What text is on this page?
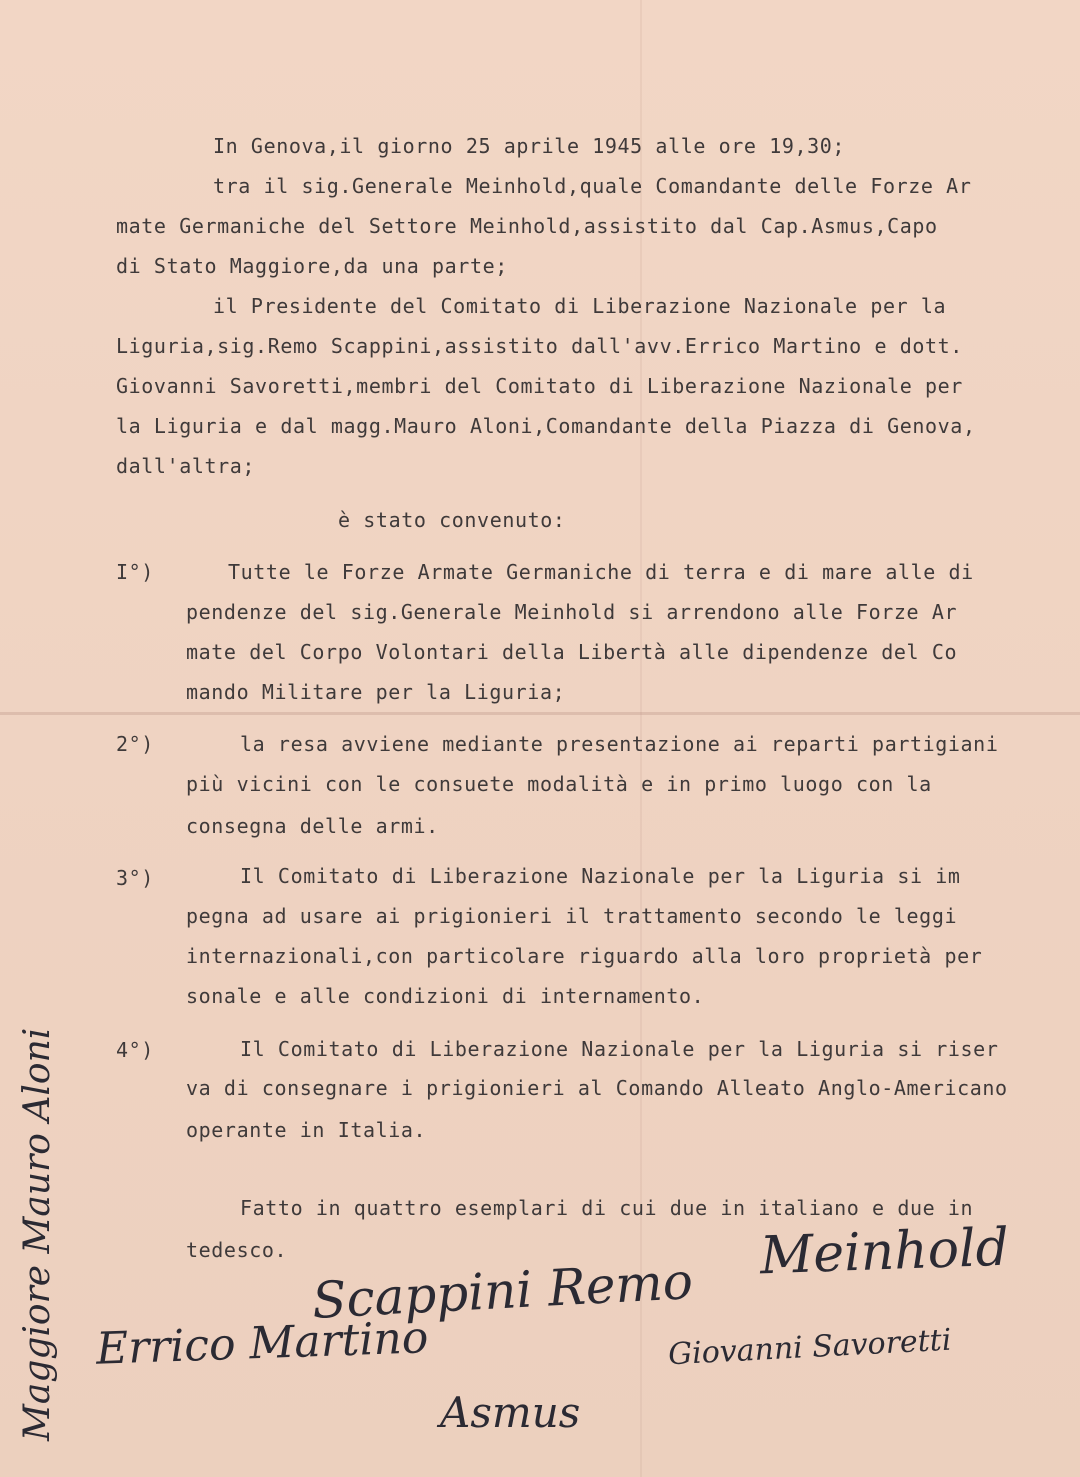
In Genova,il giorno 25 aprile 1945 alle ore 19,30;
tra il sig.Generale Meinhold,quale Comandante delle Forze Ar
mate Germaniche del Settore Meinhold,assistito dal Cap.Asmus,Capo
di Stato Maggiore,da una parte;
il Presidente del Comitato di Liberazione Nazionale per la
Liguria,sig.Remo Scappini,assistito dall'avv.Errico Martino e dott.
Giovanni Savoretti,membri del Comitato di Liberazione Nazionale per
la Liguria e dal magg.Mauro Aloni,Comandante della Piazza di Genova,
dall'altra;
è stato convenuto:
I°)	Tutte le Forze Armate Germaniche di terra e di mare alle di
pendenze del sig.Generale Meinhold si arrendono alle Forze Ar
mate del Corpo Volontari della Libertà alle dipendenze del Co
mando Militare per la Liguria;
2°)	la resa avviene mediante presentazione ai reparti partigiani
più vicini con le consuete modalità e in primo luogo con la
consegna delle armi.
3°)	Il Comitato di Liberazione Nazionale per la Liguria si im
pegna ad usare ai prigionieri il trattamento secondo le leggi
internazionali,con particolare riguardo alla loro proprietà per
sonale e alle condizioni di internamento.
4°)	Il Comitato di Liberazione Nazionale per la Liguria si riser
va di consegnare i prigionieri al Comando Alleato Anglo-Americano
operante in Italia.
Fatto in quattro esemplari di cui due in italiano e due in
tedesco.
Scappini Remo
Meinhold
Errico Martino	Giovanni Savoretti
Asmus
Maggiore Mauro Aloni
